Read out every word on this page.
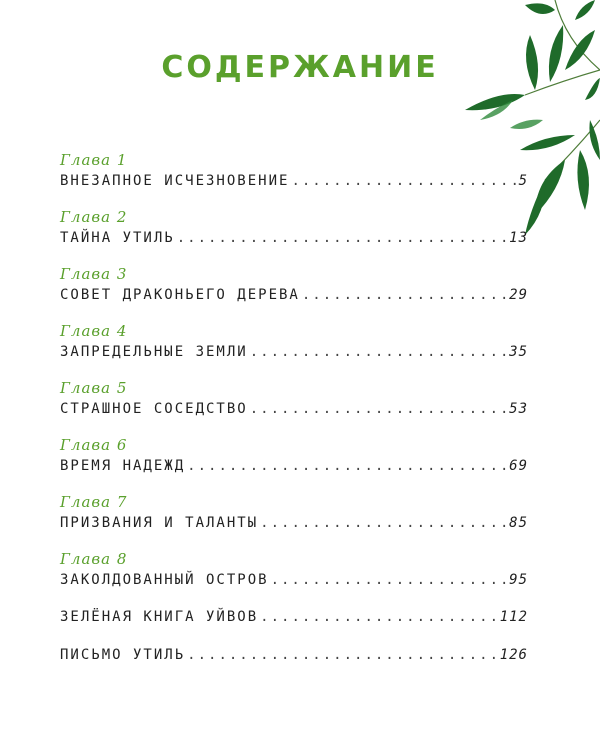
СОДЕРЖАНИЕ
Глава 1
ВНЕЗАПНОЕ ИСЧЕЗНОВЕНИЕ .....	5
Глава 2
ТАЙНА УТИЛЬ .....	13
Глава 3
СОВЕТ ДРАКОНЬЕГО ДЕРЕВА .....	29
Глава 4
ЗАПРЕДЕЛЬНЫЕ ЗЕМЛИ .....	35
Глава 5
СТРАШНОЕ СОСЕДСТВО .....	53
Глава 6
ВРЕМЯ НАДЕЖД .....	69
Глава 7
ПРИЗВАНИЯ И ТАЛАНТЫ .....	85
Глава 8
ЗАКОЛДОВАННЫЙ ОСТРОВ .....	95
ЗЕЛЁНАЯ КНИГА УЙВОВ .....	112
ПИСЬМО УТИЛЬ .....	126
